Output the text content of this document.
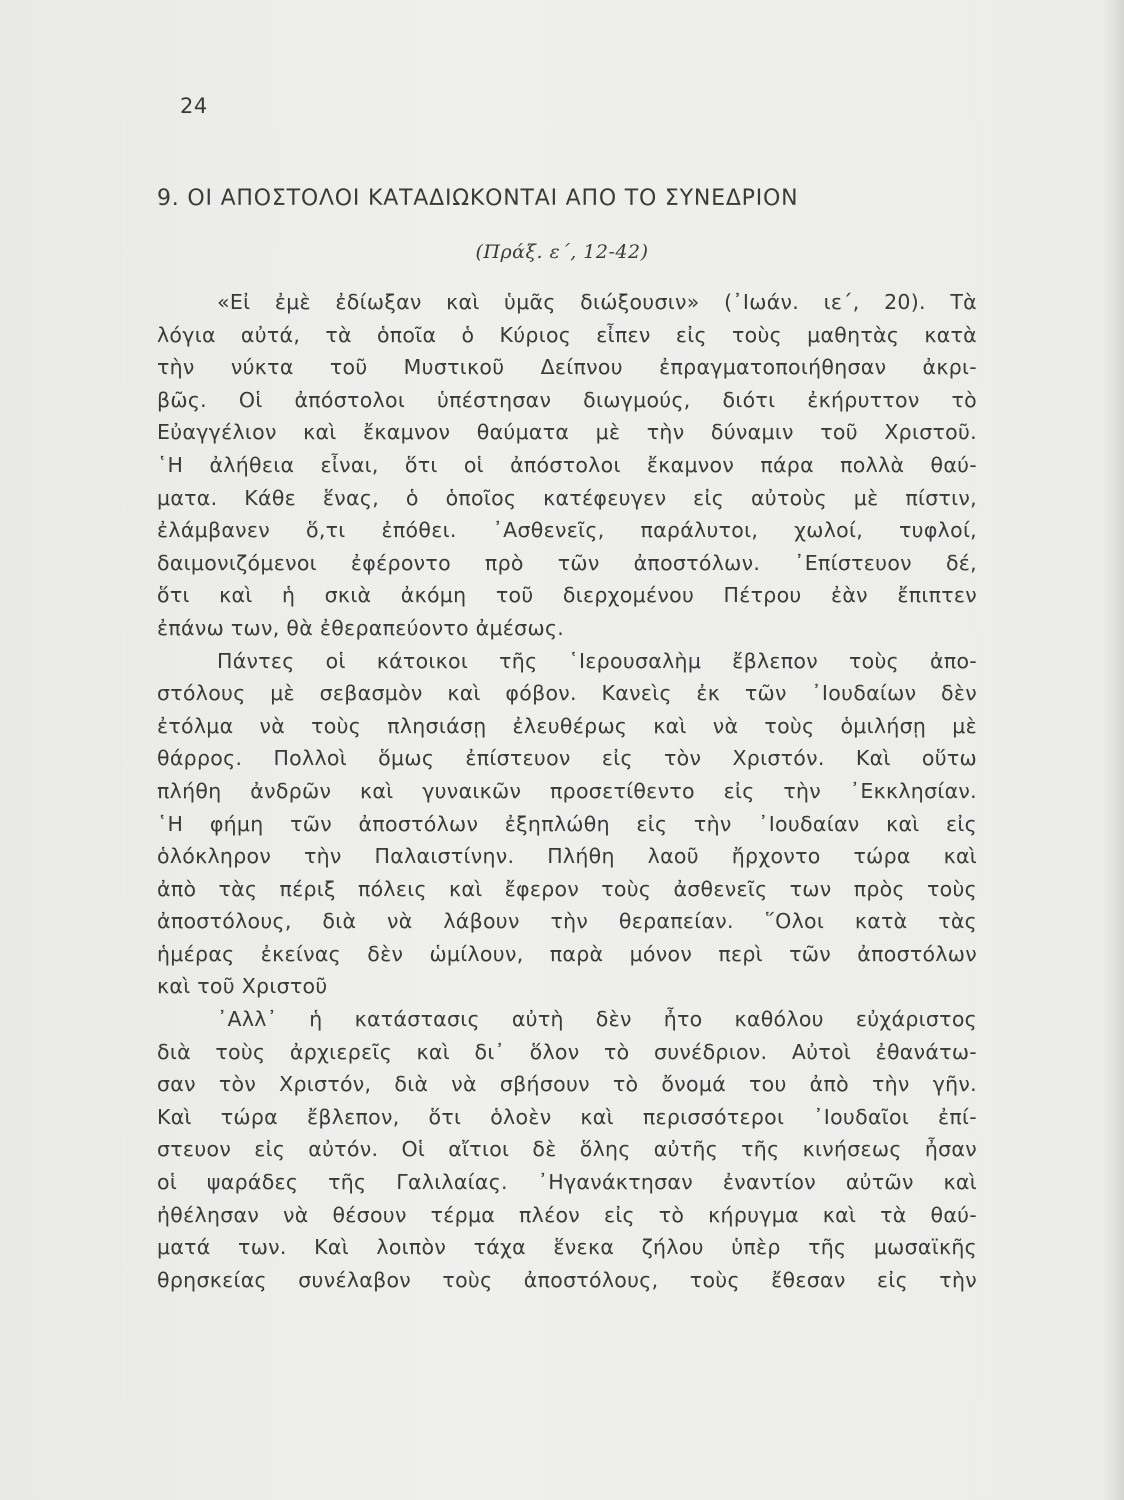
24
9. ΟΙ ΑΠΟΣΤΟΛΟΙ ΚΑΤΑΔΙΩΚΟΝΤΑΙ ΑΠΟ ΤΟ ΣΥΝΕΔΡΙΟΝ
(Πράξ. ε΄, 12-42)
«Εἰ ἐμὲ ἐδίωξαν καὶ ὑμᾶς διώξουσιν» (᾿Ιωάν. ιε΄, 20). Τὰ
λόγια αὐτά, τὰ ὁποῖα ὁ Κύριος εἶπεν εἰς τοὺς μαθητὰς κατὰ
τὴν νύκτα τοῦ Μυστικοῦ Δείπνου ἐπραγματοποιήθησαν ἀκρι-
βῶς. Οἱ ἀπόστολοι ὑπέστησαν διωγμούς, διότι ἐκήρυττον τὸ
Εὐαγγέλιον καὶ ἔκαμνον θαύματα μὲ τὴν δύναμιν τοῦ Χριστοῦ.
῾Η ἀλήθεια εἶναι, ὅτι οἱ ἀπόστολοι ἔκαμνον πάρα πολλὰ θαύ-
ματα. Κάθε ἕνας, ὁ ὁποῖος κατέφευγεν εἰς αὐτοὺς μὲ πίστιν,
ἐλάμβανεν ὅ,τι ἐπόθει. ᾿Ασθενεῖς, παράλυτοι, χωλοί, τυφλοί,
δαιμονιζόμενοι ἐφέροντο πρὸ τῶν ἀποστόλων. ᾿Επίστευον δέ,
ὅτι καὶ ἡ σκιὰ ἀκόμη τοῦ διερχομένου Πέτρου ἐὰν ἔπιπτεν
ἐπάνω των, θὰ ἐθεραπεύοντο ἀμέσως.
Πάντες οἱ κάτοικοι τῆς ῾Ιερουσαλὴμ ἔβλεπον τοὺς ἀπο-
στόλους μὲ σεβασμὸν καὶ φόβον. Κανεὶς ἐκ τῶν ᾿Ιουδαίων δὲν
ἐτόλμα νὰ τοὺς πλησιάσῃ ἐλευθέρως καὶ νὰ τοὺς ὁμιλήσῃ μὲ
θάρρος. Πολλοὶ ὅμως ἐπίστευον εἰς τὸν Χριστόν. Καὶ οὕτω
πλήθη ἀνδρῶν καὶ γυναικῶν προσετίθεντο εἰς τὴν ᾿Εκκλησίαν.
῾Η φήμη τῶν ἀποστόλων ἐξηπλώθη εἰς τὴν ᾿Ιουδαίαν καὶ εἰς
ὁλόκληρον τὴν Παλαιστίνην. Πλήθη λαοῦ ἤρχοντο τώρα καὶ
ἀπὸ τὰς πέριξ πόλεις καὶ ἔφερον τοὺς ἀσθενεῖς των πρὸς τοὺς
ἀποστόλους, διὰ νὰ λάβουν τὴν θεραπείαν. ῞Ολοι κατὰ τὰς
ἡμέρας ἐκείνας δὲν ὡμίλουν, παρὰ μόνον περὶ τῶν ἀποστόλων
καὶ τοῦ Χριστοῦ
᾿Αλλ᾿ ἡ κατάστασις αὐτὴ δὲν ἦτο καθόλου εὐχάριστος
διὰ τοὺς ἀρχιερεῖς καὶ δι᾿ ὅλον τὸ συνέδριον. Αὐτοὶ ἐθανάτω-
σαν τὸν Χριστόν, διὰ νὰ σβήσουν τὸ ὄνομά του ἀπὸ τὴν γῆν.
Καὶ τώρα ἔβλεπον, ὅτι ὁλοὲν καὶ περισσότεροι ᾿Ιουδαῖοι ἐπί-
στευον εἰς αὐτόν. Οἱ αἴτιοι δὲ ὅλης αὐτῆς τῆς κινήσεως ἦσαν
οἱ ψαράδες τῆς Γαλιλαίας. ᾿Ηγανάκτησαν ἐναντίον αὐτῶν καὶ
ἠθέλησαν νὰ θέσουν τέρμα πλέον εἰς τὸ κήρυγμα καὶ τὰ θαύ-
ματά των. Καὶ λοιπὸν τάχα ἕνεκα ζήλου ὑπὲρ τῆς μωσαϊκῆς
θρησκείας συνέλαβον τοὺς ἀποστόλους, τοὺς ἔθεσαν εἰς τὴν
